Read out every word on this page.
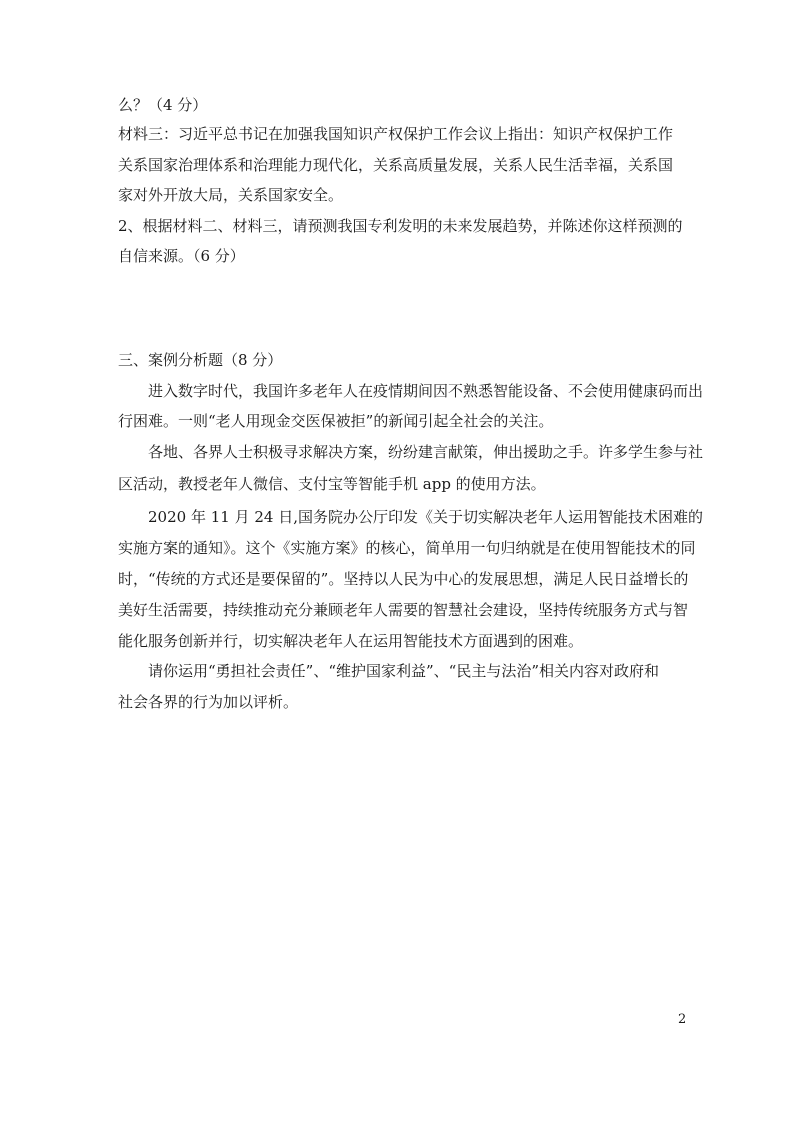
么？（4 分）
材料三：习近平总书记在加强我国知识产权保护工作会议上指出：知识产权保护工作
关系国家治理体系和治理能力现代化，关系高质量发展，关系人民生活幸福，关系国
家对外开放大局，关系国家安全。
2、根据材料二、材料三，请预测我国专利发明的未来发展趋势，并陈述你这样预测的
自信来源。（6 分）
三、案例分析题（8 分）
进入数字时代，我国许多老年人在疫情期间因不熟悉智能设备、不会使用健康码而出
行困难。一则“老人用现金交医保被拒”的新闻引起全社会的关注。
各地、各界人士积极寻求解决方案，纷纷建言献策，伸出援助之手。许多学生参与社
区活动，教授老年人微信、支付宝等智能手机 app 的使用方法。
2020 年 11 月 24 日,国务院办公厅印发《关于切实解决老年人运用智能技术困难的
实施方案的通知》。这个《实施方案》的核心，简单用一句归纳就是在使用智能技术的同
时，“传统的方式还是要保留的”。坚持以人民为中心的发展思想，满足人民日益增长的
美好生活需要，持续推动充分兼顾老年人需要的智慧社会建设，坚持传统服务方式与智
能化服务创新并行，切实解决老年人在运用智能技术方面遇到的困难。
请你运用“勇担社会责任”、“维护国家利益”、“民主与法治”相关内容对政府和
社会各界的行为加以评析。
2
